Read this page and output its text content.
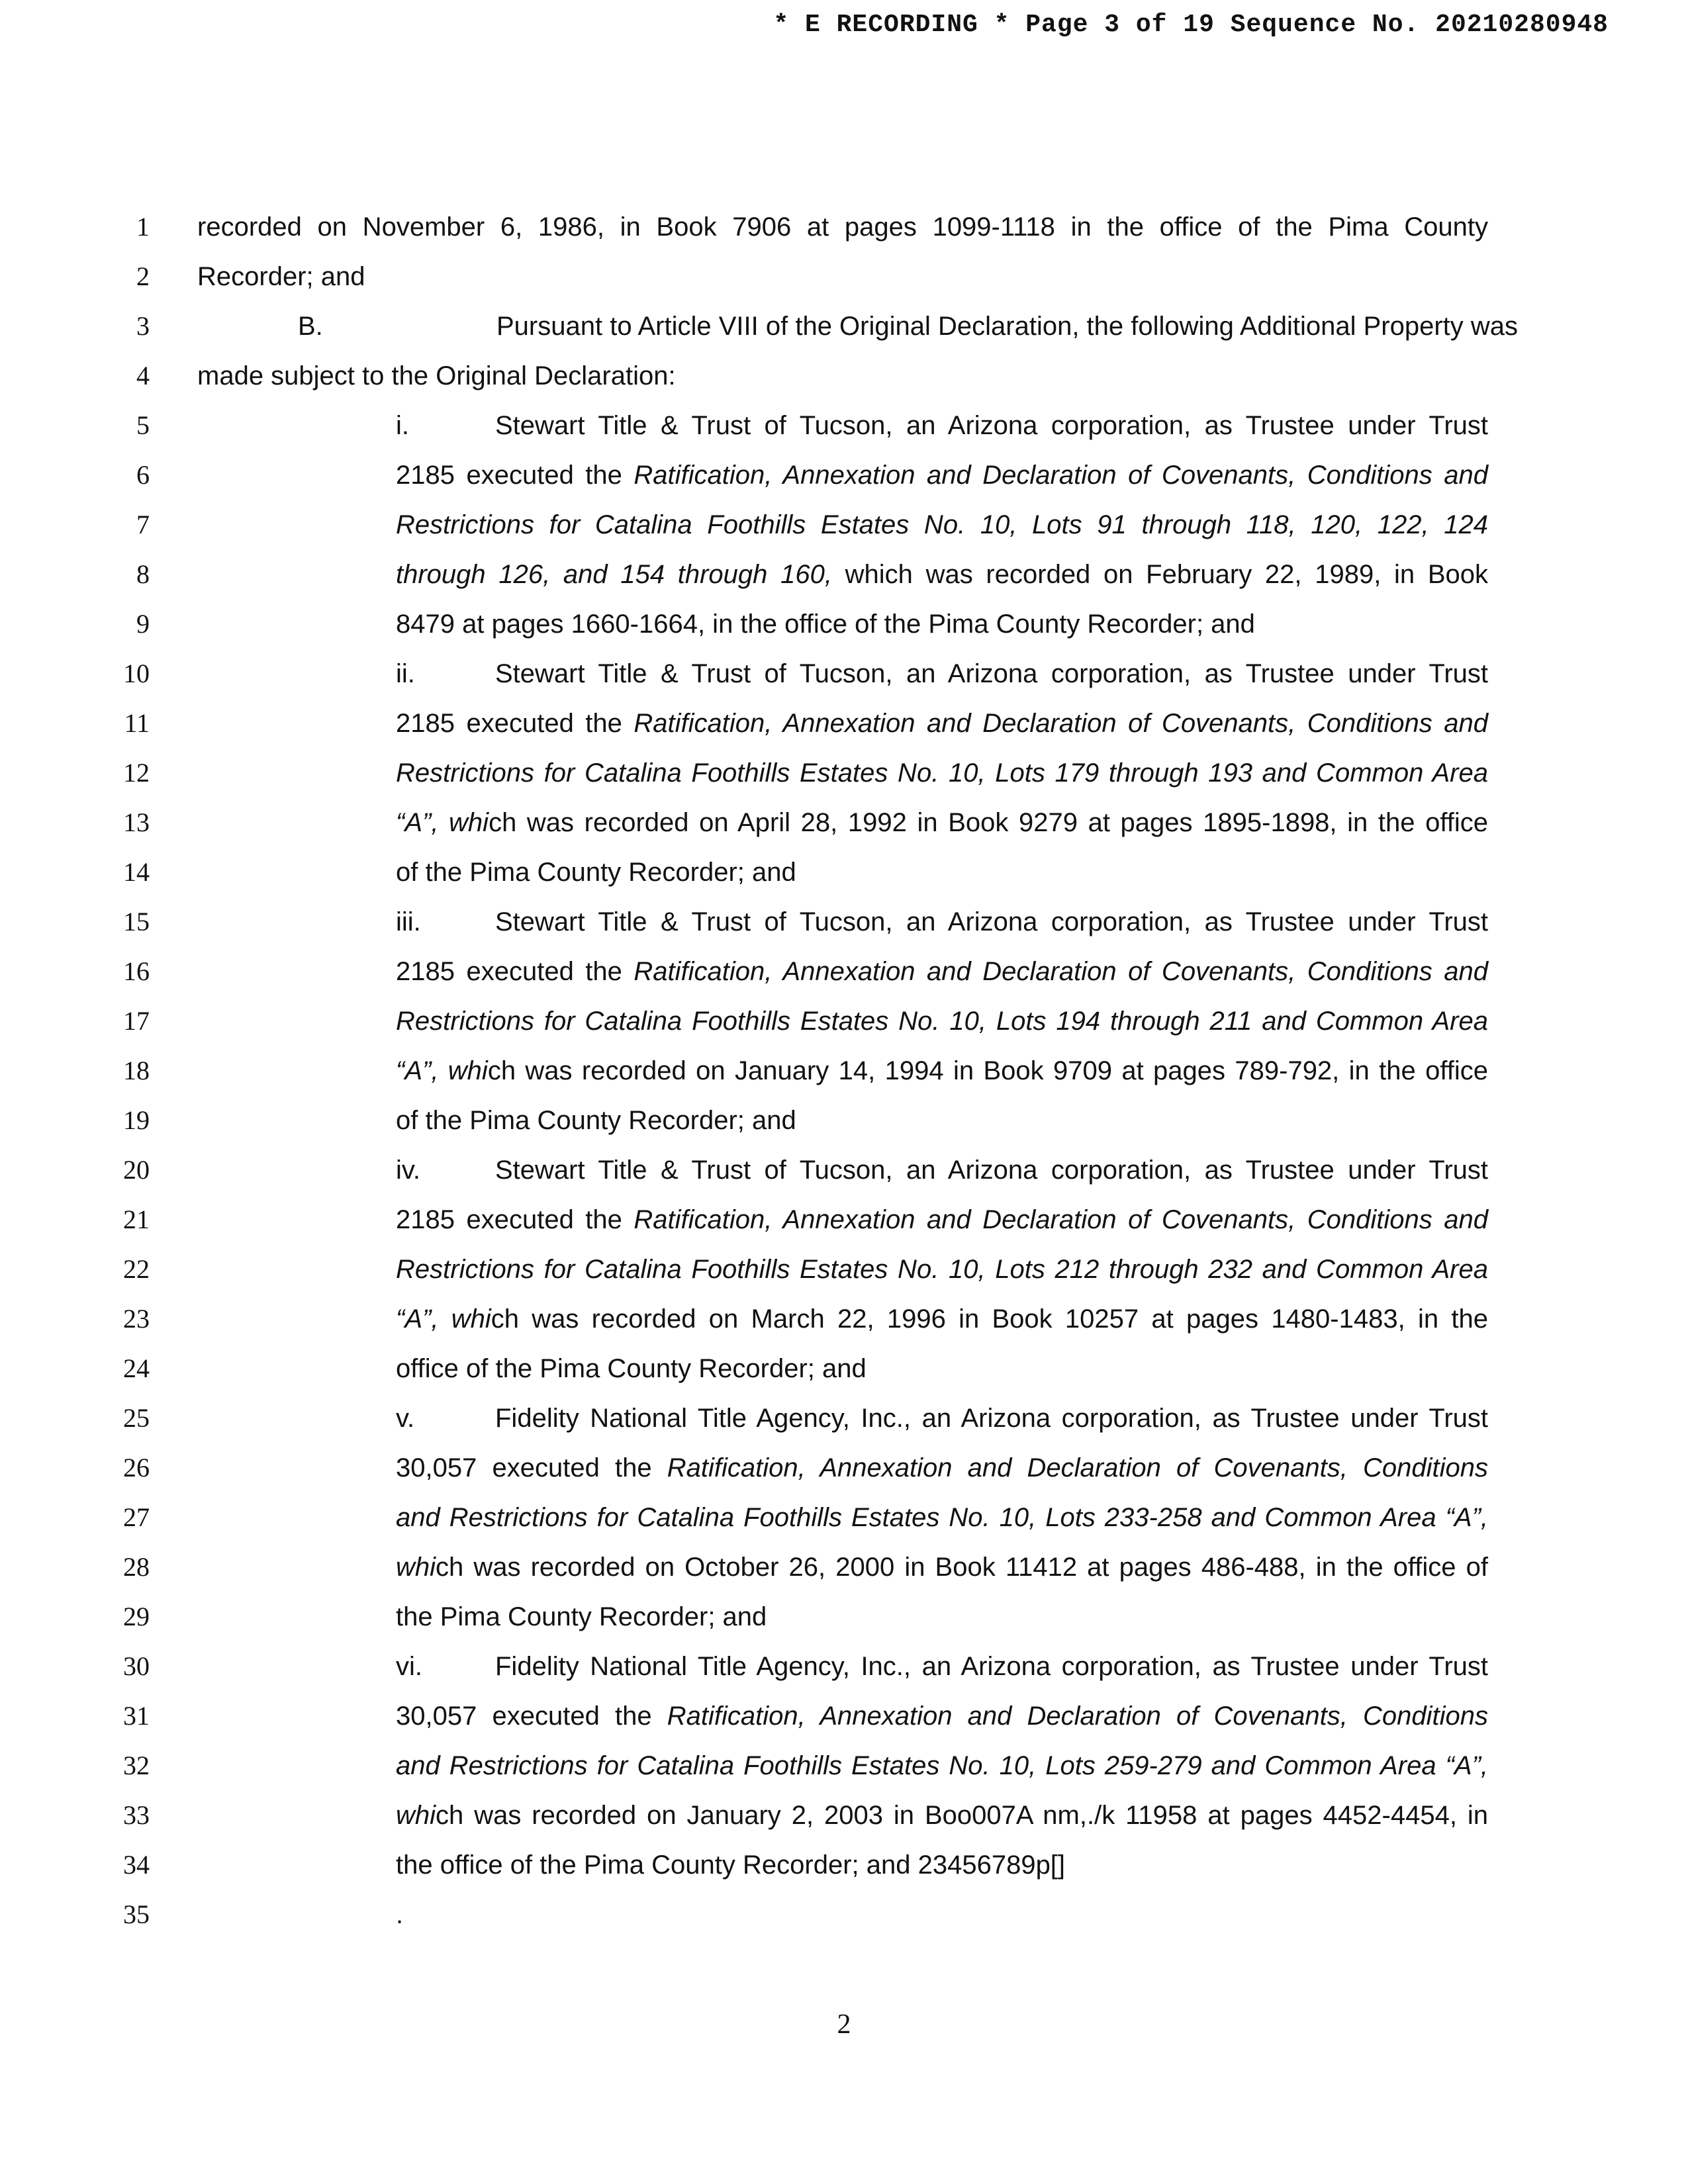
* E RECORDING * Page 3 of 19 Sequence No. 20210280948
1 recorded on November 6, 1986, in Book 7906 at pages 1099-1118 in the office of the Pima County
2 Recorder; and
3	B.	Pursuant to Article VIII of the Original Declaration, the following Additional Property was
4 made subject to the Original Declaration:
5	i.	Stewart Title & Trust of Tucson, an Arizona corporation, as Trustee under Trust
6	2185 executed the Ratification, Annexation and Declaration of Covenants, Conditions and
7	Restrictions for Catalina Foothills Estates No. 10, Lots 91 through 118, 120, 122, 124
8	through 126, and 154 through 160, which was recorded on February 22, 1989, in Book
9	8479 at pages 1660-1664, in the office of the Pima County Recorder; and
10	ii.	Stewart Title & Trust of Tucson, an Arizona corporation, as Trustee under Trust
11	2185 executed the Ratification, Annexation and Declaration of Covenants, Conditions and
12	Restrictions for Catalina Foothills Estates No. 10, Lots 179 through 193 and Common Area
13	“A”, which was recorded on April 28, 1992 in Book 9279 at pages 1895-1898, in the office
14	of the Pima County Recorder; and
15	iii.	Stewart Title & Trust of Tucson, an Arizona corporation, as Trustee under Trust
16	2185 executed the Ratification, Annexation and Declaration of Covenants, Conditions and
17	Restrictions for Catalina Foothills Estates No. 10, Lots 194 through 211 and Common Area
18	“A”, which was recorded on January 14, 1994 in Book 9709 at pages 789-792, in the office
19	of the Pima County Recorder; and
20	iv.	Stewart Title & Trust of Tucson, an Arizona corporation, as Trustee under Trust
21	2185 executed the Ratification, Annexation and Declaration of Covenants, Conditions and
22	Restrictions for Catalina Foothills Estates No. 10, Lots 212 through 232 and Common Area
23	“A”, which was recorded on March 22, 1996 in Book 10257 at pages 1480-1483, in the
24	office of the Pima County Recorder; and
25	v.	Fidelity National Title Agency, Inc., an Arizona corporation, as Trustee under Trust
26	30,057 executed the Ratification, Annexation and Declaration of Covenants, Conditions
27	and Restrictions for Catalina Foothills Estates No. 10, Lots 233-258 and Common Area “A”,
28	which was recorded on October 26, 2000 in Book 11412 at pages 486-488, in the office of
29	the Pima County Recorder; and
30	vi.	Fidelity National Title Agency, Inc., an Arizona corporation, as Trustee under Trust
31	30,057 executed the Ratification, Annexation and Declaration of Covenants, Conditions
32	and Restrictions for Catalina Foothills Estates No. 10, Lots 259-279 and Common Area “A”,
33	which was recorded on January 2, 2003 in Boo007A nm,./k 11958 at pages 4452-4454, in
34	the office of the Pima County Recorder; and 23456789p[]
35	.
2
